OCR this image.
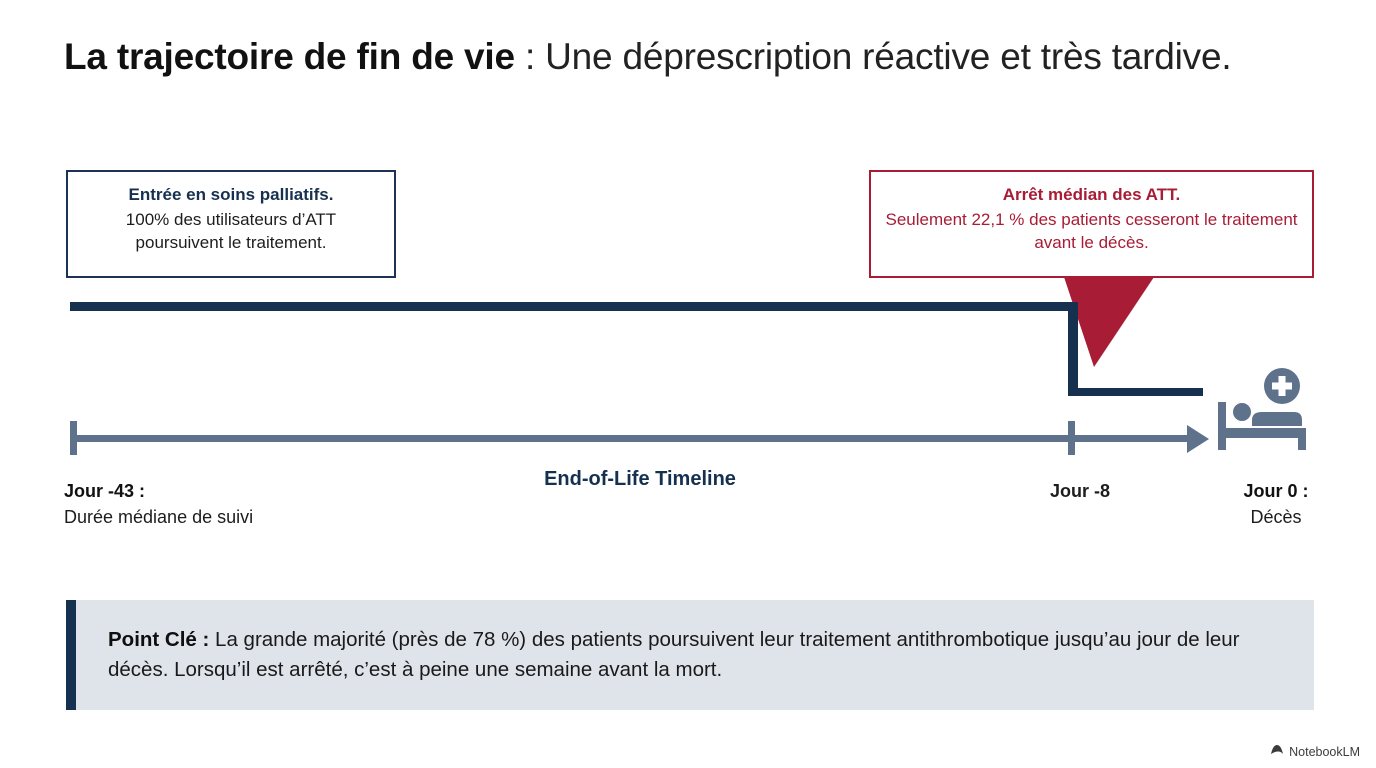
La trajectoire de fin de vie : Une déprescription réactive et très tardive.
Entrée en soins palliatifs.
100% des utilisateurs d’ATT poursuivent le traitement.
Arrêt médian des ATT.
Seulement 22,1 % des patients cesseront le traitement avant le décès.
End-of-Life Timeline
Jour -43 :
Durée médiane de suivi
Jour -8	Jour 0 :
Décès
Point Clé : La grande majorité (près de 78 %) des patients poursuivent leur traitement antithrombotique jusqu’au jour de leur décès. Lorsqu’il est arrêté, c’est à peine une semaine avant la mort.
NotebookLM
